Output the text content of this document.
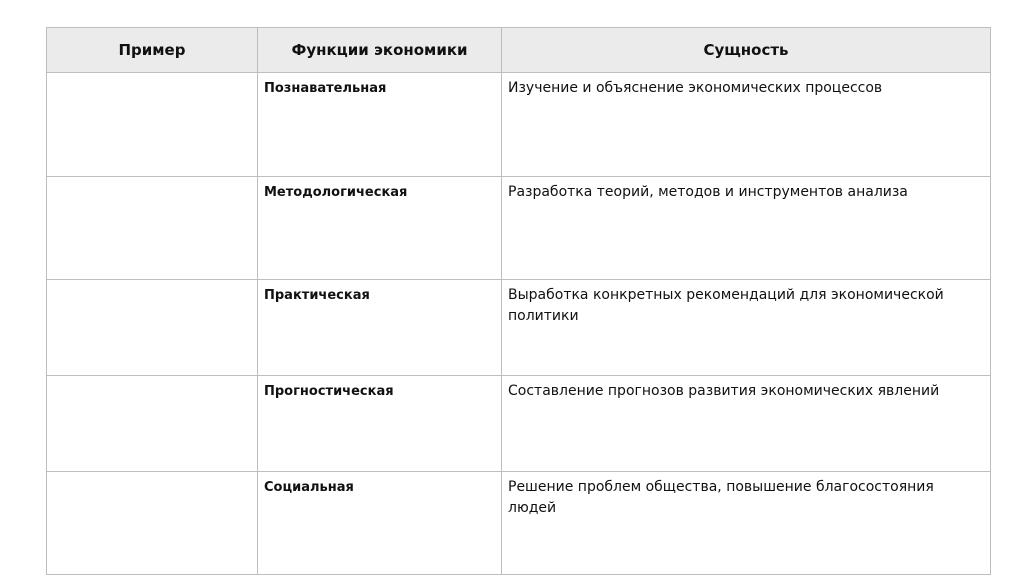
Пример	Функции экономики	Сущность
	Познавательная	Изучение и объяснение экономических процессов
	Методологическая	Разработка теорий, методов и инструментов анализа
	Практическая	Выработка конкретных рекомендаций для экономической политики
	Прогностическая	Составление прогнозов развития экономических явлений
	Социальная	Решение проблем общества, повышение благосостояния людей
